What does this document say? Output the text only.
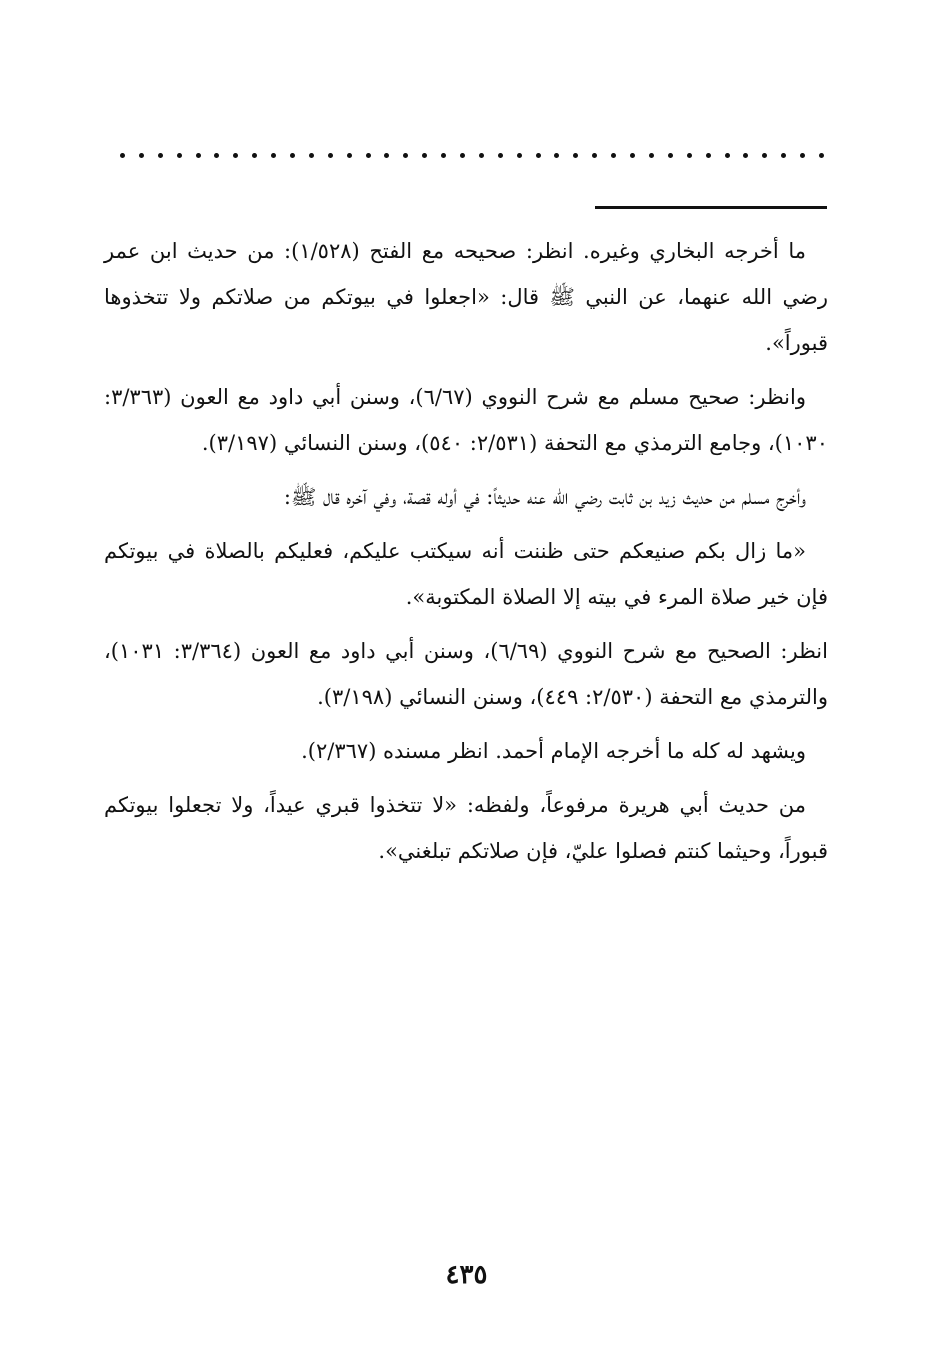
ما أخرجه البخاري وغيره. انظر: صحيحه مع الفتح (١/٥٢٨): من حديث ابن عمر رضي الله عنهما، عن النبي ﷺ قال: «اجعلوا في بيوتكم من صلاتكم ولا تتخذوها قبوراً».

وانظر: صحيح مسلم مع شرح النووي (٦/٦٧)، وسنن أبي داود مع العون (٣/٣٦٣: ١٠٣٠)، وجامع الترمذي مع التحفة (٢/٥٣١: ٥٤٠)، وسنن النسائي (٣/١٩٧).

وأخرج مسلم من حديث زيد بن ثابت رضي الله عنه حديثاً: في أوله قصة، وفي آخره قال ﷺ:

«ما زال بكم صنيعكم حتى ظننت أنه سيكتب عليكم، فعليكم بالصلاة في بيوتكم فإن خير صلاة المرء في بيته إلا الصلاة المكتوبة».

انظر: الصحيح مع شرح النووي (٦/٦٩)، وسنن أبي داود مع العون (٣/٣٦٤: ١٠٣١)، والترمذي مع التحفة (٢/٥٣٠: ٤٤٩)، وسنن النسائي (٣/١٩٨).

ويشهد له كله ما أخرجه الإمام أحمد. انظر مسنده (٢/٣٦٧).

من حديث أبي هريرة مرفوعاً، ولفظه: «لا تتخذوا قبري عيداً، ولا تجعلوا بيوتكم قبوراً، وحيثما كنتم فصلوا عليّ، فإن صلاتكم تبلغني».

٤٣٥
